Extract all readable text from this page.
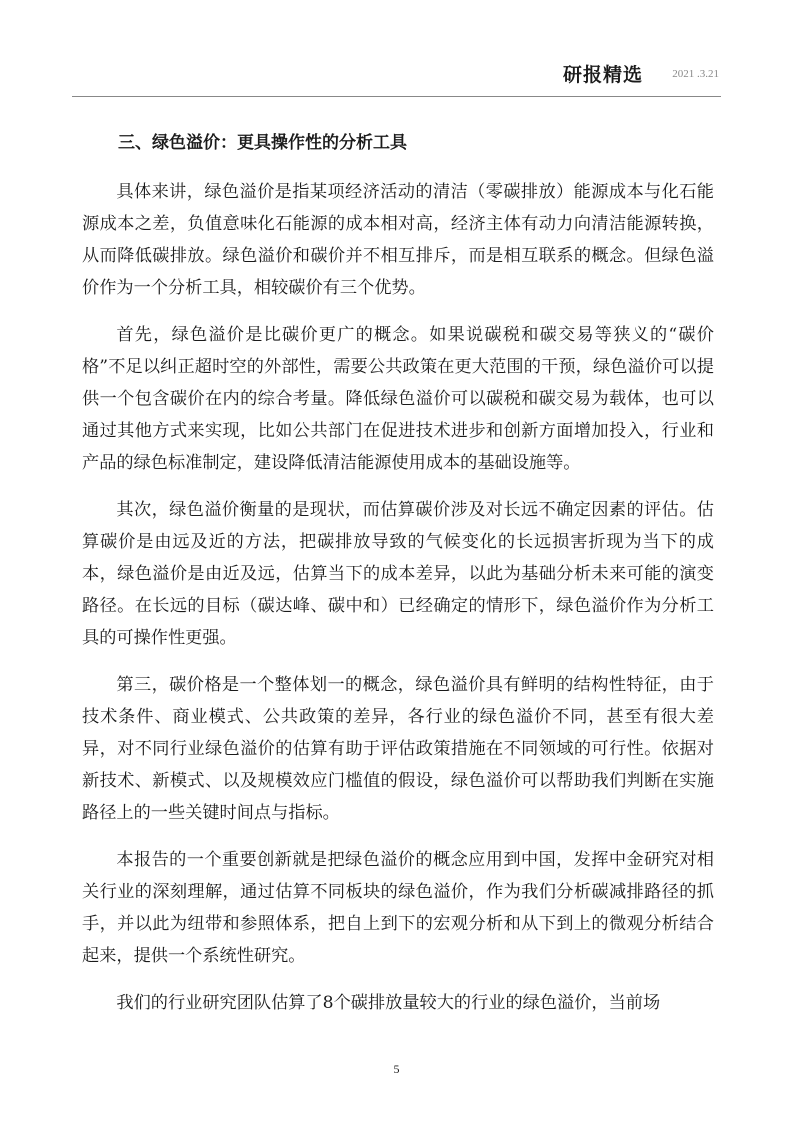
研报精选	2021 .3.21
三、绿色溢价：更具操作性的分析工具

具体来讲，绿色溢价是指某项经济活动的清洁（零碳排放）能源成本与化石能源成本之差，负值意味化石能源的成本相对高，经济主体有动力向清洁能源转换，从而降低碳排放。绿色溢价和碳价并不相互排斥，而是相互联系的概念。但绿色溢价作为一个分析工具，相较碳价有三个优势。

首先，绿色溢价是比碳价更广的概念。如果说碳税和碳交易等狭义的“碳价格”不足以纠正超时空的外部性，需要公共政策在更大范围的干预，绿色溢价可以提供一个包含碳价在内的综合考量。降低绿色溢价可以碳税和碳交易为载体，也可以通过其他方式来实现，比如公共部门在促进技术进步和创新方面增加投入，行业和产品的绿色标准制定，建设降低清洁能源使用成本的基础设施等。

其次，绿色溢价衡量的是现状，而估算碳价涉及对长远不确定因素的评估。估算碳价是由远及近的方法，把碳排放导致的气候变化的长远损害折现为当下的成本，绿色溢价是由近及远，估算当下的成本差异，以此为基础分析未来可能的演变路径。在长远的目标（碳达峰、碳中和）已经确定的情形下，绿色溢价作为分析工具的可操作性更强。

第三，碳价格是一个整体划一的概念，绿色溢价具有鲜明的结构性特征，由于技术条件、商业模式、公共政策的差异，各行业的绿色溢价不同，甚至有很大差异，对不同行业绿色溢价的估算有助于评估政策措施在不同领域的可行性。依据对新技术、新模式、以及规模效应门槛值的假设，绿色溢价可以帮助我们判断在实施路径上的一些关键时间点与指标。

本报告的一个重要创新就是把绿色溢价的概念应用到中国，发挥中金研究对相关行业的深刻理解，通过估算不同板块的绿色溢价，作为我们分析碳减排路径的抓手，并以此为纽带和参照体系，把自上到下的宏观分析和从下到上的微观分析结合起来，提供一个系统性研究。

我们的行业研究团队估算了8个碳排放量较大的行业的绿色溢价，当前场

5
